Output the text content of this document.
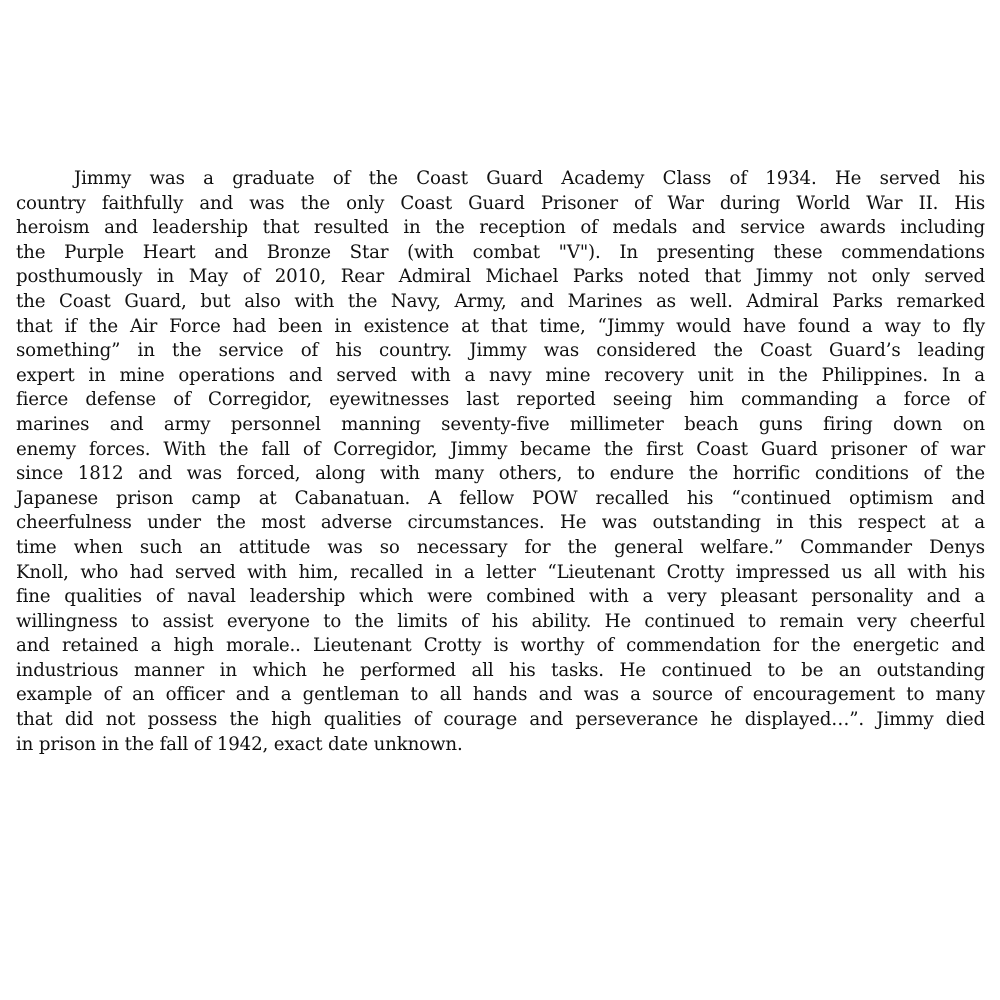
Jimmy was a graduate of the Coast Guard Academy Class of 1934. He served his
country faithfully and was the only Coast Guard Prisoner of War during World War II. His
heroism and leadership that resulted in the reception of medals and service awards including
the Purple Heart and Bronze Star (with combat "V"). In presenting these commendations
posthumously in May of 2010, Rear Admiral Michael Parks noted that Jimmy not only served
the Coast Guard, but also with the Navy, Army, and Marines as well. Admiral Parks remarked
that if the Air Force had been in existence at that time, “Jimmy would have found a way to fly
something” in the service of his country. Jimmy was considered the Coast Guard’s leading
expert in mine operations and served with a navy mine recovery unit in the Philippines. In a
fierce defense of Corregidor, eyewitnesses last reported seeing him commanding a force of
marines and army personnel manning seventy-five millimeter beach guns firing down on
enemy forces. With the fall of Corregidor, Jimmy became the first Coast Guard prisoner of war
since 1812 and was forced, along with many others, to endure the horrific conditions of the
Japanese prison camp at Cabanatuan. A fellow POW recalled his “continued optimism and
cheerfulness under the most adverse circumstances. He was outstanding in this respect at a
time when such an attitude was so necessary for the general welfare.” Commander Denys
Knoll, who had served with him, recalled in a letter “Lieutenant Crotty impressed us all with his
fine qualities of naval leadership which were combined with a very pleasant personality and a
willingness to assist everyone to the limits of his ability. He continued to remain very cheerful
and retained a high morale.. Lieutenant Crotty is worthy of commendation for the energetic and
industrious manner in which he performed all his tasks. He continued to be an outstanding
example of an officer and a gentleman to all hands and was a source of encouragement to many
that did not possess the high qualities of courage and perseverance he displayed…”. Jimmy died
in prison in the fall of 1942, exact date unknown.
